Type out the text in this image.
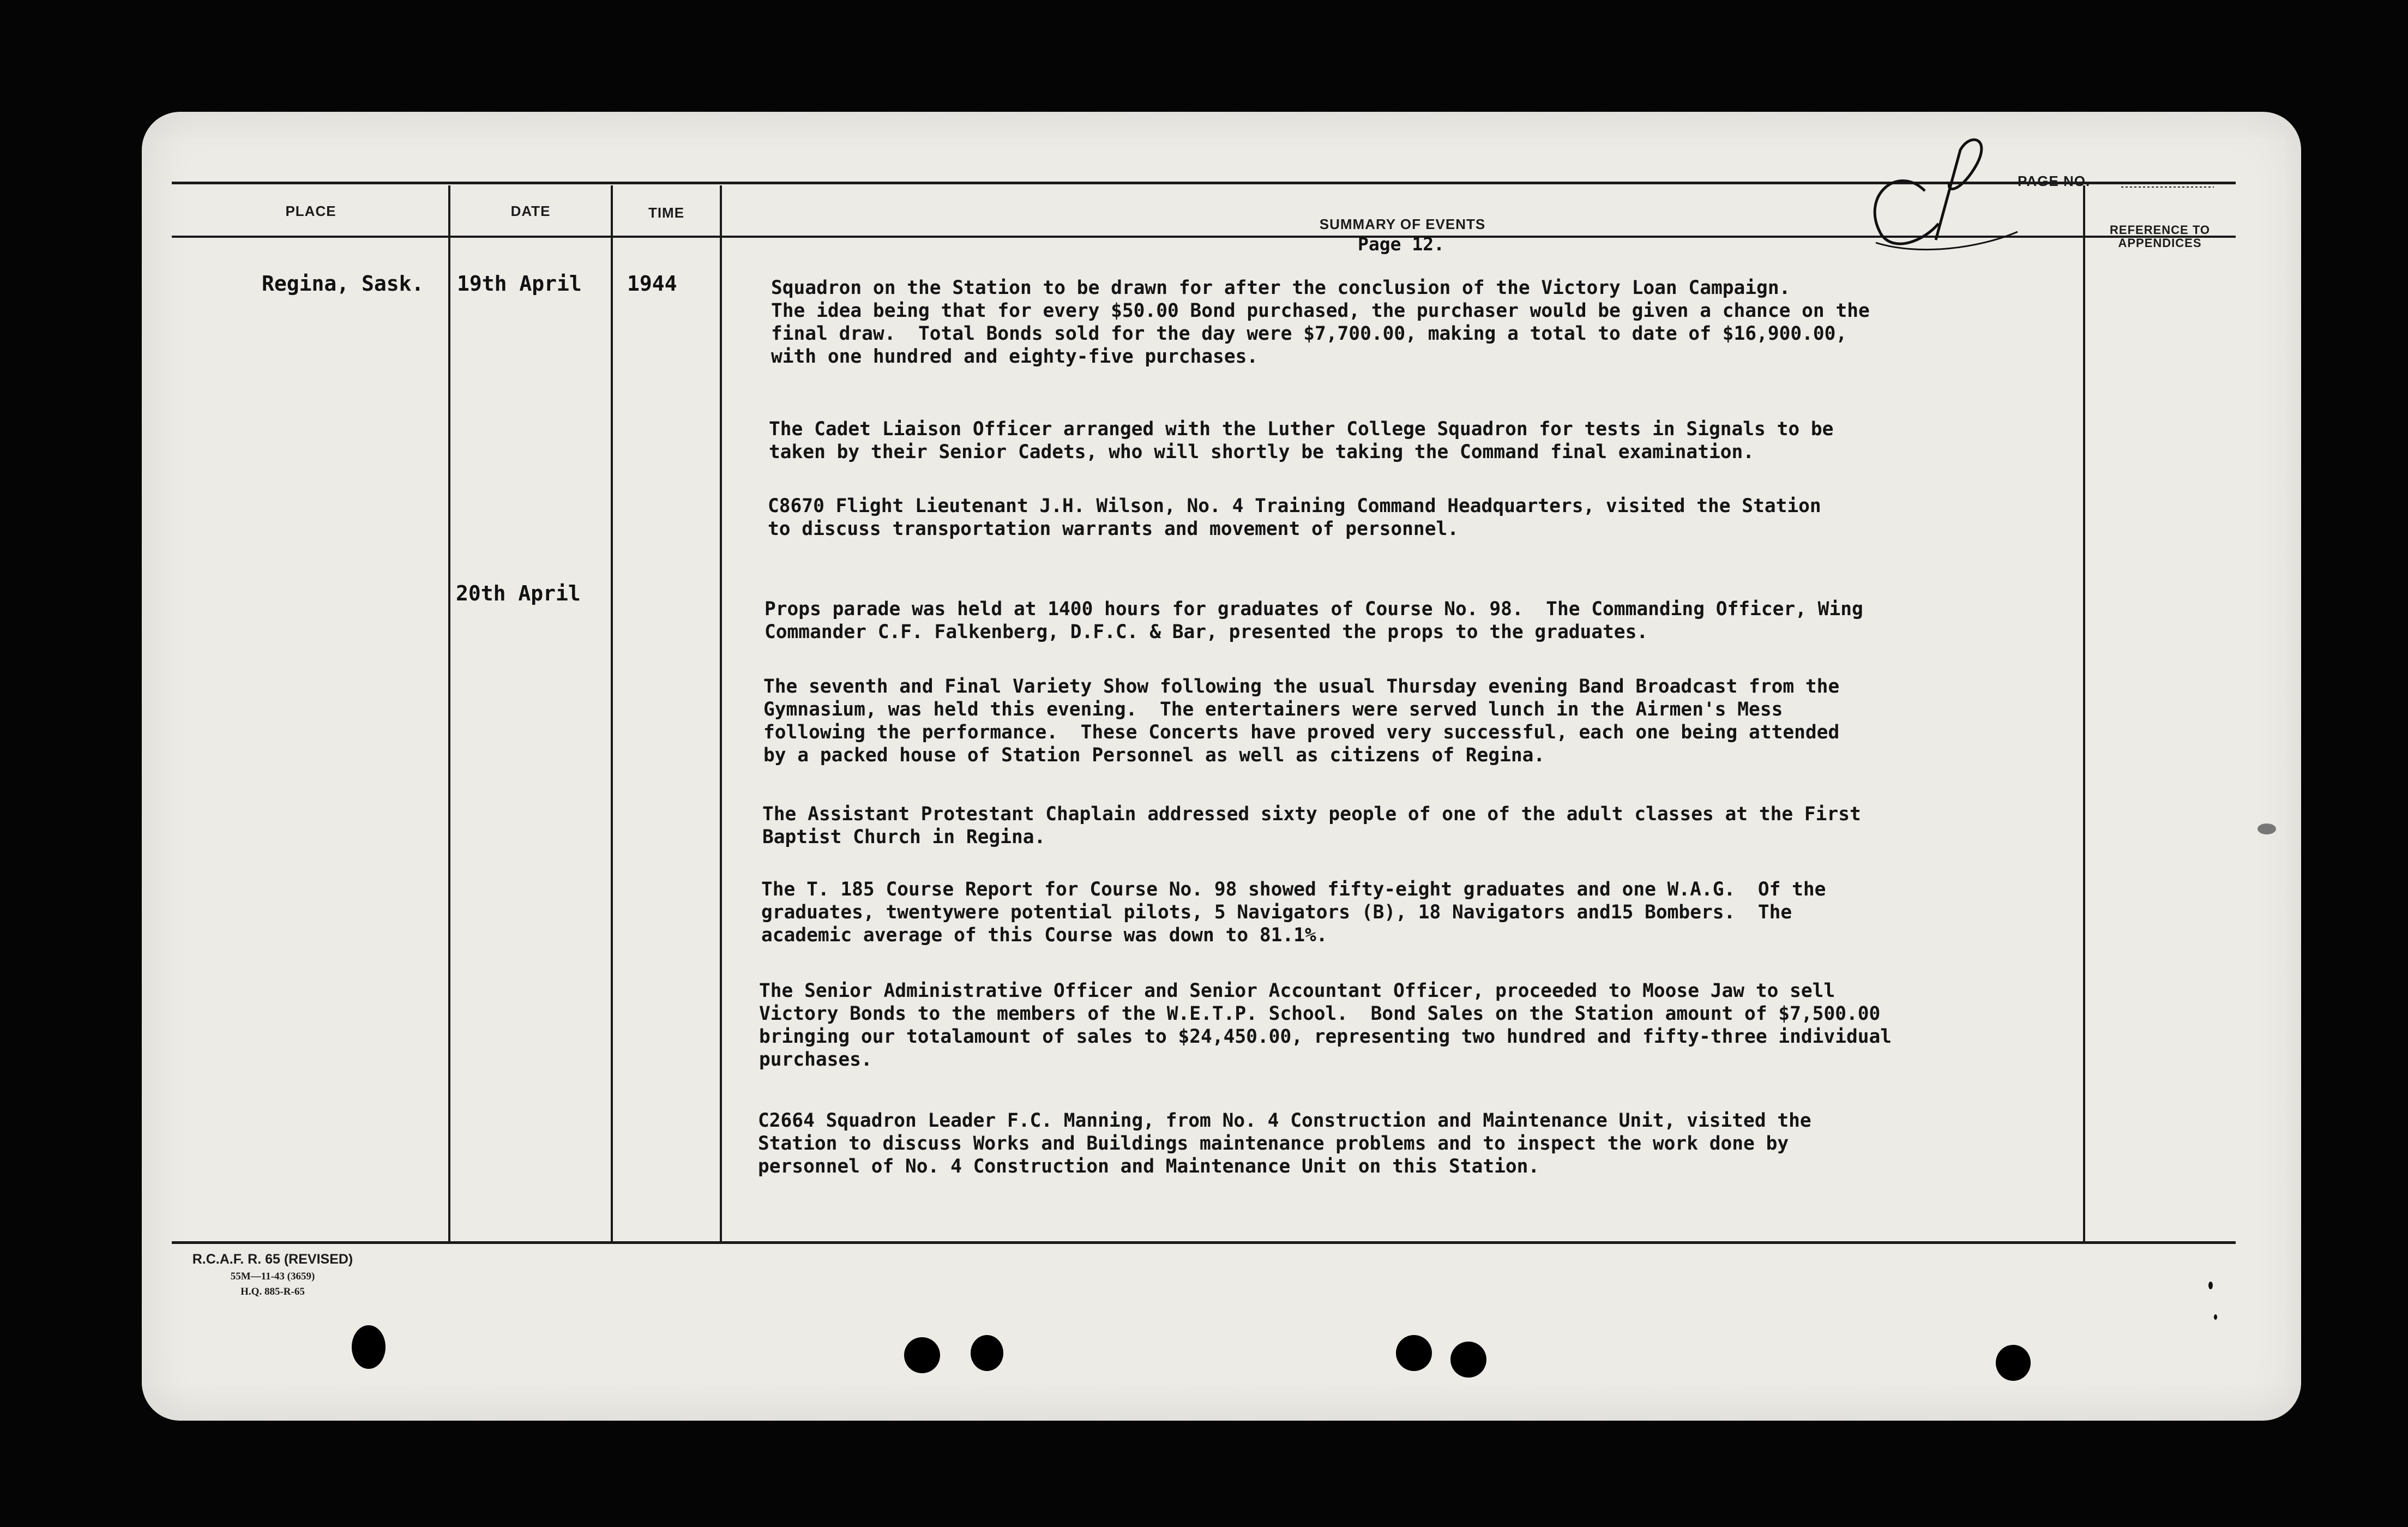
PLACE	DATE	TIME
SUMMARY OF EVENTS
Page 12.
PAGE NO.
REFERENCE TO APPENDICES
Regina, Sask. 19th April 1944
20th April
Squadron on the Station to be drawn for after the conclusion of the Victory Loan Campaign.
The idea being that for every $50.00 Bond purchased, the purchaser would be given a chance on the
final draw.  Total Bonds sold for the day were $7,700.00, making a total to date of $16,900.00,
with one hundred and eighty-five purchases.
The Cadet Liaison Officer arranged with the Luther College Squadron for tests in Signals to be
taken by their Senior Cadets, who will shortly be taking the Command final examination.
C8670 Flight Lieutenant J.H. Wilson, No. 4 Training Command Headquarters, visited the Station
to discuss transportation warrants and movement of personnel.
Props parade was held at 1400 hours for graduates of Course No. 98.  The Commanding Officer, Wing
Commander C.F. Falkenberg, D.F.C. & Bar, presented the props to the graduates.
The seventh and Final Variety Show following the usual Thursday evening Band Broadcast from the
Gymnasium, was held this evening.  The entertainers were served lunch in the Airmen's Mess
following the performance.  These Concerts have proved very successful, each one being attended
by a packed house of Station Personnel as well as citizens of Regina.
The Assistant Protestant Chaplain addressed sixty people of one of the adult classes at the First
Baptist Church in Regina.
The T. 185 Course Report for Course No. 98 showed fifty-eight graduates and one W.A.G.  Of the
graduates, twentywere potential pilots, 5 Navigators (B), 18 Navigators and15 Bombers.  The
academic average of this Course was down to 81.1%.
The Senior Administrative Officer and Senior Accountant Officer, proceeded to Moose Jaw to sell
Victory Bonds to the members of the W.E.T.P. School.  Bond Sales on the Station amount of $7,500.00
bringing our totalamount of sales to $24,450.00, representing two hundred and fifty-three individual
purchases.
C2664 Squadron Leader F.C. Manning, from No. 4 Construction and Maintenance Unit, visited the
Station to discuss Works and Buildings maintenance problems and to inspect the work done by
personnel of No. 4 Construction and Maintenance Unit on this Station.
R.C.A.F. R. 65 (REVISED)
55M—11-43 (3659)
H.Q. 885-R-65
